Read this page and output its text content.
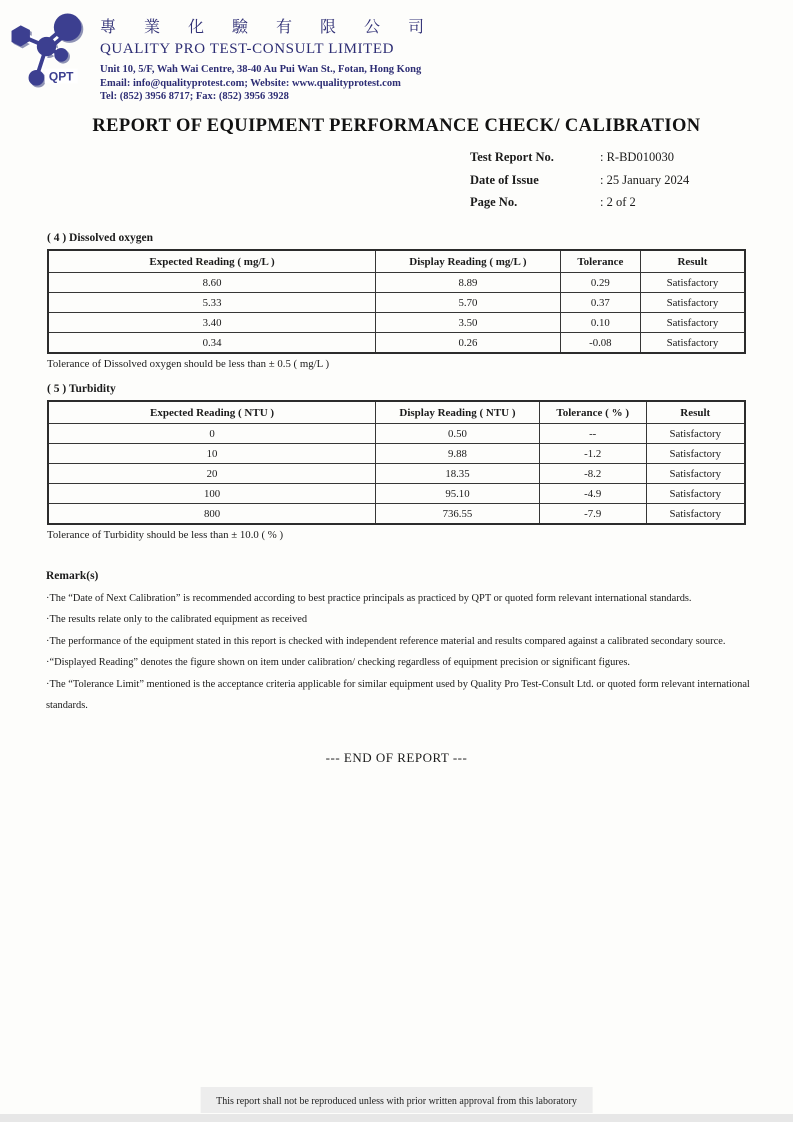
QPT
專 業 化 驗 有 限 公 司
QUALITY PRO TEST-CONSULT LIMITED
Unit 10, 5/F, Wah Wai Centre, 38-40 Au Pui Wan St., Fotan, Hong Kong
Email: info@qualityprotest.com; Website: www.qualityprotest.com
Tel: (852) 3956 8717; Fax: (852) 3956 3928
REPORT OF EQUIPMENT PERFORMANCE CHECK/ CALIBRATION
Test Report No.	: R-BD010030
Date of Issue	: 25 January 2024
Page No.	: 2 of 2
( 4 ) Dissolved oxygen
Expected Reading ( mg/L )	Display Reading ( mg/L )	Tolerance	Result
8.60	8.89	0.29	Satisfactory
5.33	5.70	0.37	Satisfactory
3.40	3.50	0.10	Satisfactory
0.34	0.26	-0.08	Satisfactory
Tolerance of Dissolved oxygen should be less than ± 0.5 ( mg/L )
( 5 ) Turbidity
Expected Reading ( NTU )	Display Reading ( NTU )	Tolerance ( % )	Result
0	0.50	--	Satisfactory
10	9.88	-1.2	Satisfactory
20	18.35	-8.2	Satisfactory
100	95.10	-4.9	Satisfactory
800	736.55	-7.9	Satisfactory
Tolerance of Turbidity should be less than ± 10.0 ( % )
Remark(s)
·The “Date of Next Calibration” is recommended according to best practice principals as practiced by QPT or quoted form relevant international standards.
·The results relate only to the calibrated equipment as received
·The performance of the equipment stated in this report is checked with independent reference material and results compared against a calibrated secondary source.
·“Displayed Reading” denotes the figure shown on item under calibration/ checking regardless of equipment precision or significant figures.
·The “Tolerance Limit” mentioned is the acceptance criteria applicable for similar equipment used by Quality Pro Test-Consult Ltd. or quoted form relevant international standards.
--- END OF REPORT ---
This report shall not be reproduced unless with prior written approval from this laboratory
